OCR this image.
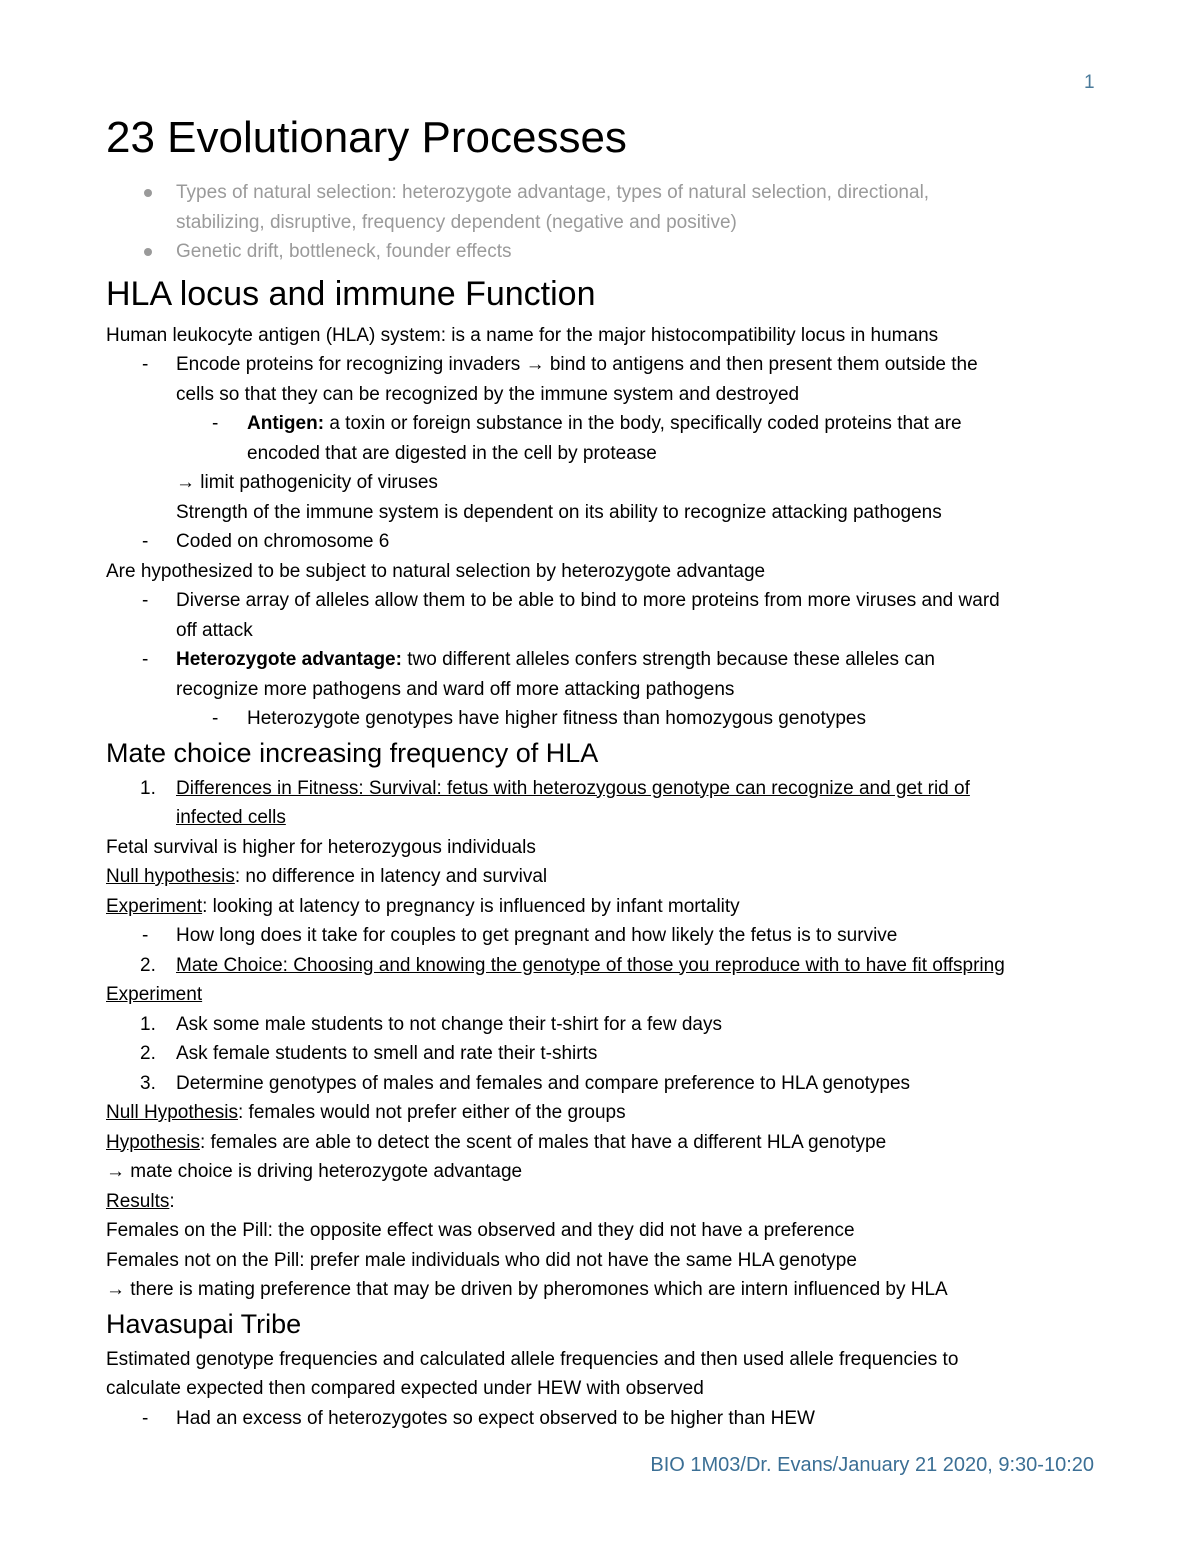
1
23 Evolutionary Processes
Types of natural selection: heterozygote advantage, types of natural selection, directional,
stabilizing, disruptive, frequency dependent (negative and positive)
Genetic drift, bottleneck, founder effects
HLA locus and immune Function
Human leukocyte antigen (HLA) system: is a name for the major histocompatibility locus in humans
- Encode proteins for recognizing invaders → bind to antigens and then present them outside the
cells so that they can be recognized by the immune system and destroyed
- Antigen: a toxin or foreign substance in the body, specifically coded proteins that are
encoded that are digested in the cell by protease
→ limit pathogenicity of viruses
Strength of the immune system is dependent on its ability to recognize attacking pathogens
- Coded on chromosome 6
Are hypothesized to be subject to natural selection by heterozygote advantage
- Diverse array of alleles allow them to be able to bind to more proteins from more viruses and ward
off attack
- Heterozygote advantage: two different alleles confers strength because these alleles can
recognize more pathogens and ward off more attacking pathogens
- Heterozygote genotypes have higher fitness than homozygous genotypes
Mate choice increasing frequency of HLA
1. Differences in Fitness: Survival: fetus with heterozygous genotype can recognize and get rid of
infected cells
Fetal survival is higher for heterozygous individuals
Null hypothesis: no difference in latency and survival
Experiment: looking at latency to pregnancy is influenced by infant mortality
- How long does it take for couples to get pregnant and how likely the fetus is to survive
2. Mate Choice: Choosing and knowing the genotype of those you reproduce with to have fit offspring
Experiment
1. Ask some male students to not change their t-shirt for a few days
2. Ask female students to smell and rate their t-shirts
3. Determine genotypes of males and females and compare preference to HLA genotypes
Null Hypothesis: females would not prefer either of the groups
Hypothesis: females are able to detect the scent of males that have a different HLA genotype
→ mate choice is driving heterozygote advantage
Results:
Females on the Pill: the opposite effect was observed and they did not have a preference
Females not on the Pill: prefer male individuals who did not have the same HLA genotype
→ there is mating preference that may be driven by pheromones which are intern influenced by HLA
Havasupai Tribe
Estimated genotype frequencies and calculated allele frequencies and then used allele frequencies to
calculate expected then compared expected under HEW with observed
- Had an excess of heterozygotes so expect observed to be higher than HEW
BIO 1M03/Dr. Evans/January 21 2020, 9:30-10:20
